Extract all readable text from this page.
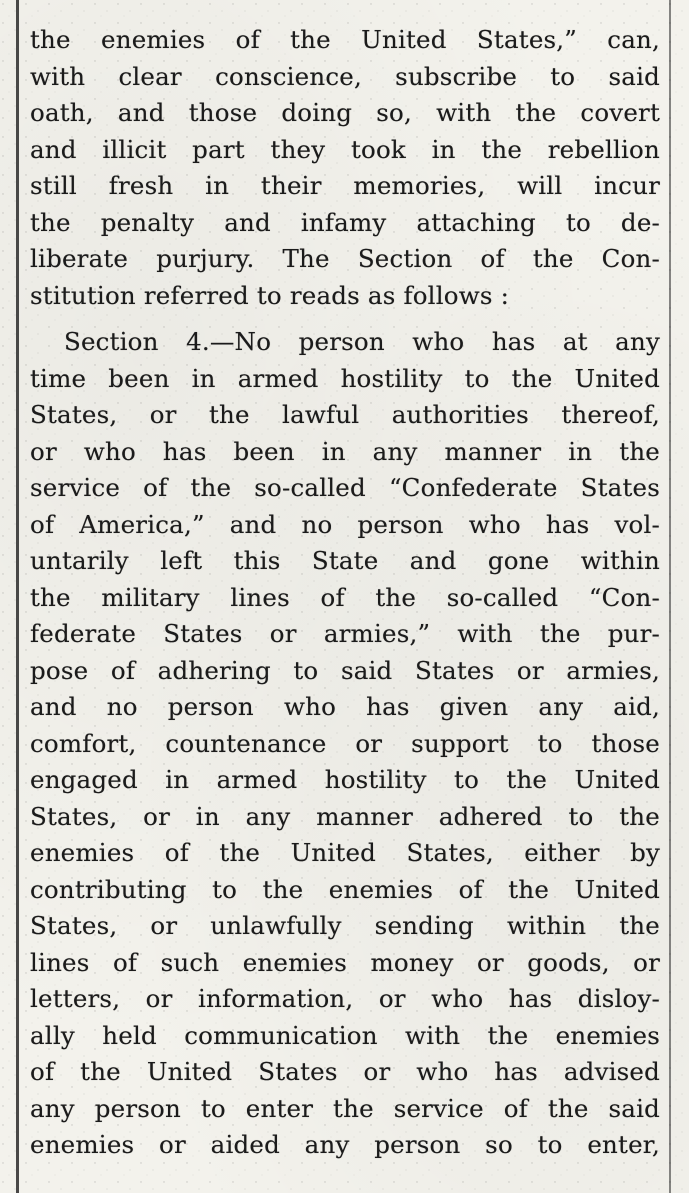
the enemies of the United States,” can,
with clear conscience, subscribe to said
oath, and those doing so, with the covert
and illicit part they took in the rebellion
still fresh in their memories, will incur
the penalty and infamy attaching to de-
liberate purjury. The Section of the Con-
stitution referred to reads as follows :
Section 4.—No person who has at any
time been in armed hostility to the United
States, or the lawful authorities thereof,
or who has been in any manner in the
service of the so-called “Confederate States
of America,” and no person who has vol-
untarily left this State and gone within
the military lines of the so-called “Con-
federate States or armies,” with the pur-
pose of adhering to said States or armies,
and no person who has given any aid,
comfort, countenance or support to those
engaged in armed hostility to the United
States, or in any manner adhered to the
enemies of the United States, either by
contributing to the enemies of the United
States, or unlawfully sending within the
lines of such enemies money or goods, or
letters, or information, or who has disloy-
ally held communication with the enemies
of the United States or who has advised
any person to enter the service of the said
enemies or aided any person so to enter,
